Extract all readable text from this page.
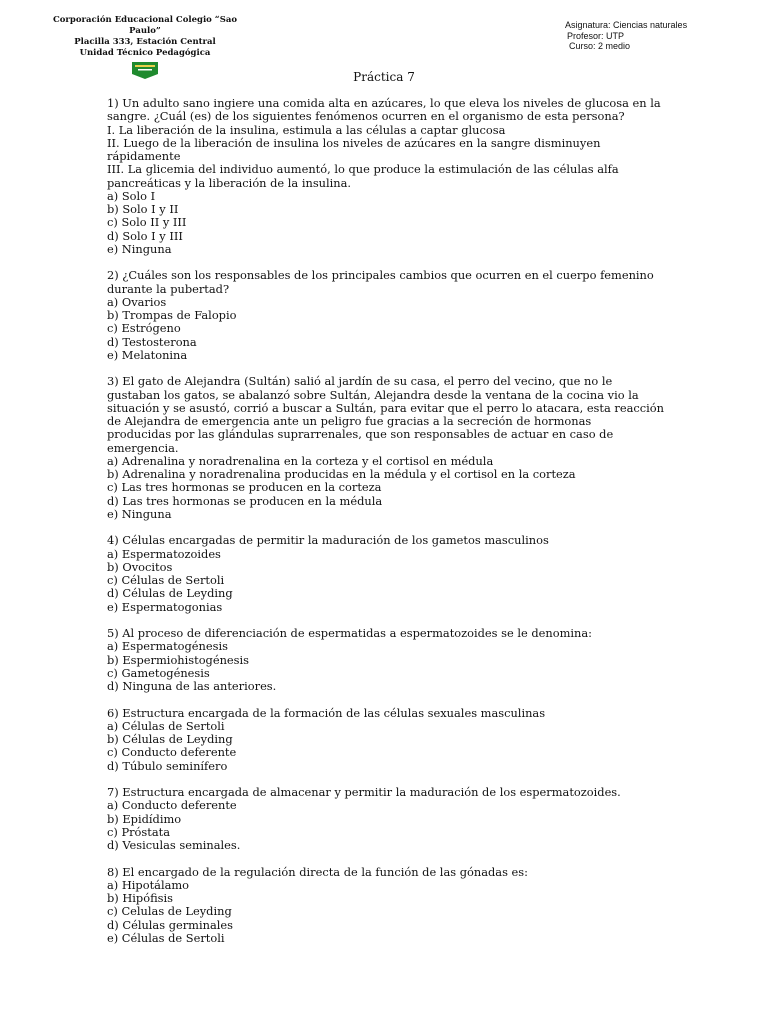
Corporación Educacional Colegio “Sao Paulo”
Placilla 333, Estación Central
Unidad Técnico Pedagógica
Asignatura: Ciencias naturales
Profesor: UTP
Curso: 2 medio
Práctica 7
1) Un adulto sano ingiere una comida alta en azúcares, lo que eleva los niveles de glucosa en la
sangre. ¿Cuál (es) de los siguientes fenómenos ocurren en el organismo de esta persona?
I. La liberación de la insulina, estimula a las células a captar glucosa
II. Luego de la liberación de insulina los niveles de azúcares en la sangre disminuyen
rápidamente
III. La glicemia del individuo aumentó, lo que produce la estimulación de las células alfa
pancreáticas y la liberación de la insulina.
a) Solo I
b) Solo I y II
c) Solo II y III
d) Solo I y III
e) Ninguna
2) ¿Cuáles son los responsables de los principales cambios que ocurren en el cuerpo femenino
durante la pubertad?
a) Ovarios
b) Trompas de Falopio
c) Estrógeno
d) Testosterona
e) Melatonina
3) El gato de Alejandra (Sultán) salió al jardín de su casa, el perro del vecino, que no le
gustaban los gatos, se abalanzó sobre Sultán, Alejandra desde la ventana de la cocina vio la
situación y se asustó, corrió a buscar a Sultán, para evitar que el perro lo atacara, esta reacción
de Alejandra de emergencia ante un peligro fue gracias a la secreción de hormonas
producidas por las glándulas suprarrenales, que son responsables de actuar en caso de
emergencia.
a) Adrenalina y noradrenalina en la corteza y el cortisol en médula
b) Adrenalina y noradrenalina producidas en la médula y el cortisol en la corteza
c) Las tres hormonas se producen en la corteza
d) Las tres hormonas se producen en la médula
e) Ninguna
4) Células encargadas de permitir la maduración de los gametos masculinos
a) Espermatozoides
b) Ovocitos
c) Células de Sertoli
d) Células de Leyding
e) Espermatogonias
5) Al proceso de diferenciación de espermatidas a espermatozoides se le denomina:
a) Espermatogénesis
b) Espermiohistogénesis
c) Gametogénesis
d) Ninguna de las anteriores.
6) Estructura encargada de la formación de las células sexuales masculinas
a) Células de Sertoli
b) Células de Leyding
c) Conducto deferente
d) Túbulo seminífero
7) Estructura encargada de almacenar y permitir la maduración de los espermatozoides.
a) Conducto deferente
b) Epidídimo
c) Próstata
d) Vesiculas seminales.
8) El encargado de la regulación directa de la función de las gónadas es:
a) Hipotálamo
b) Hipófisis
c) Celulas de Leyding
d) Células germinales
e) Células de Sertoli
